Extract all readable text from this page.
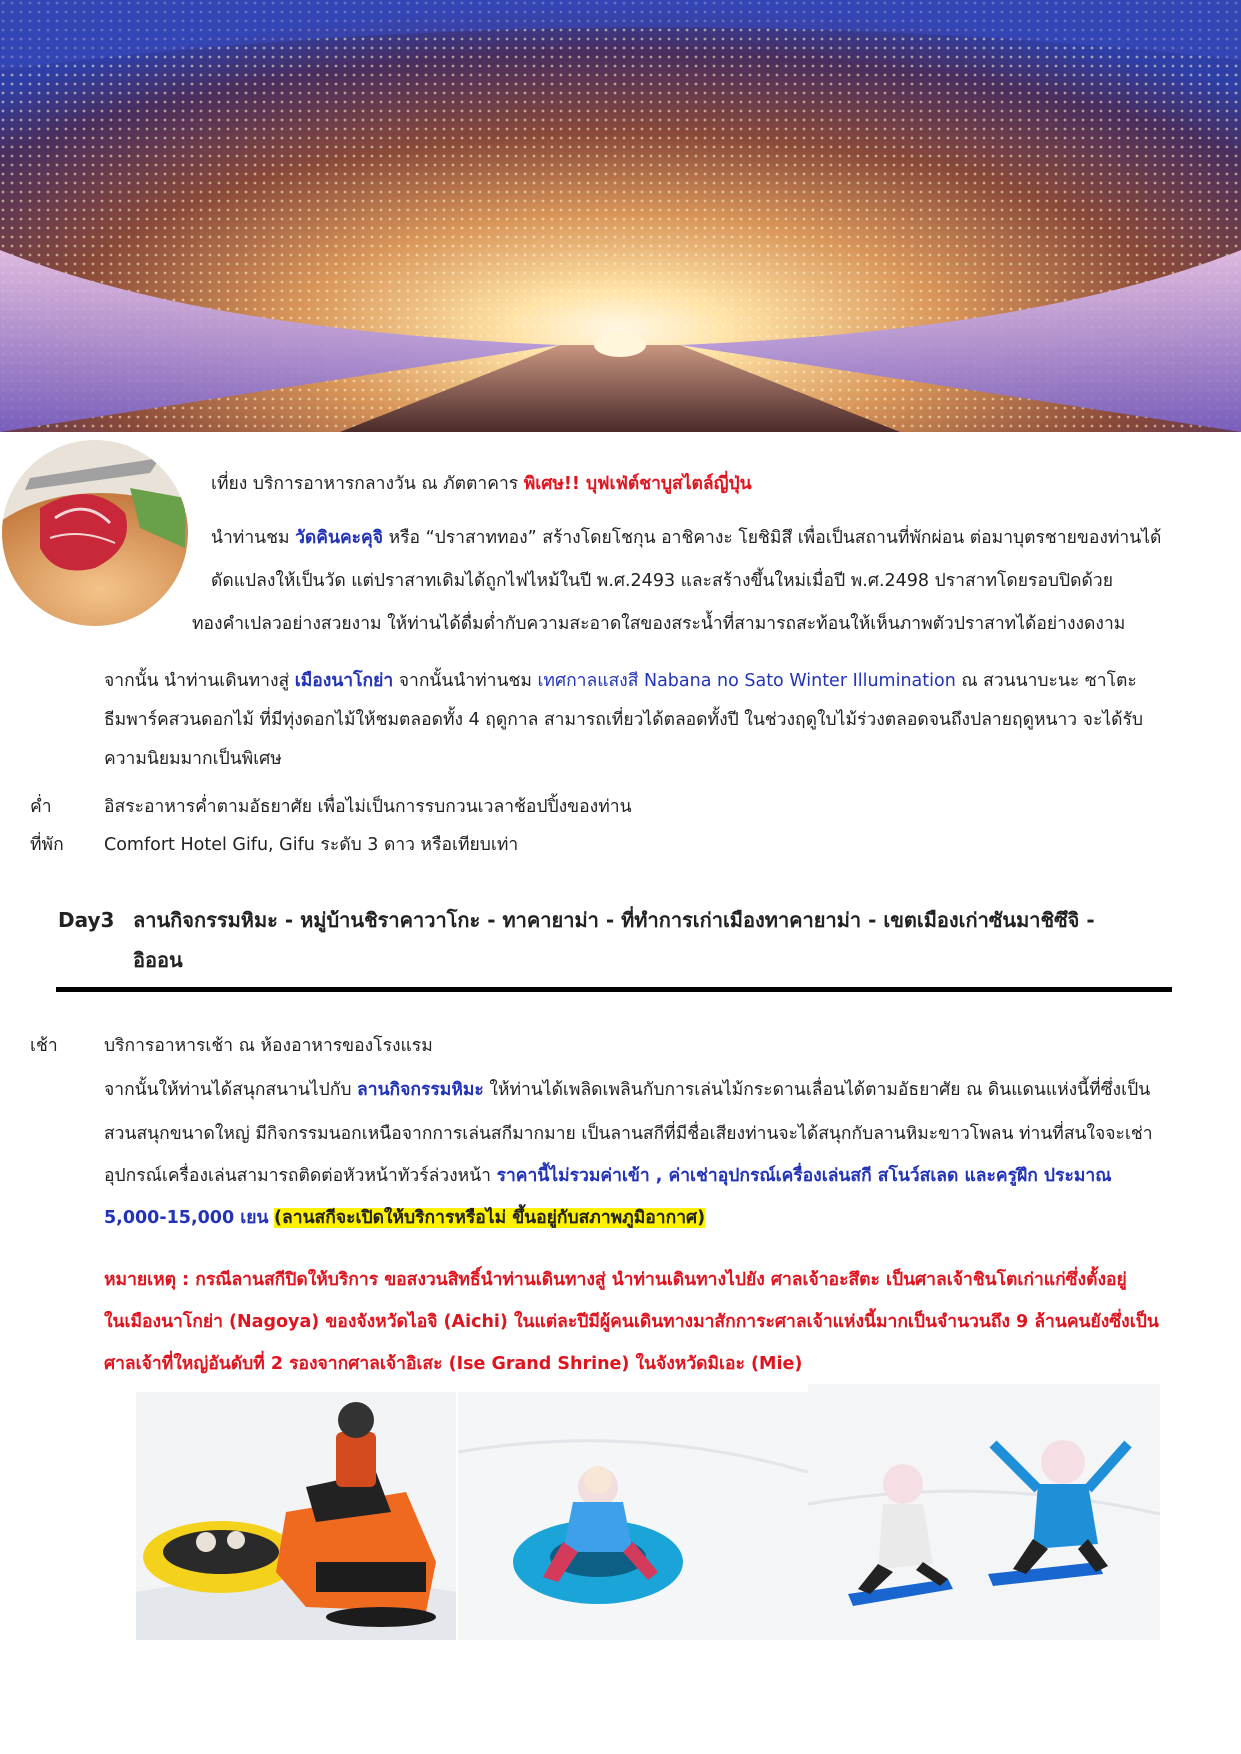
เที่ยง บริการอาหารกลางวัน ณ ภัตตาคาร พิเศษ!! บุฟเฟ่ต์ชาบูสไตล์ญี่ปุ่น
นำท่านชม วัดคินคะคุจิ หรือ “ปราสาททอง” สร้างโดยโชกุน อาชิคางะ โยชิมิสึ เพื่อเป็นสถานที่พักผ่อน ต่อมาบุตรชายของท่านได้
ดัดแปลงให้เป็นวัด แต่ปราสาทเดิมได้ถูกไฟไหม้ในปี พ.ศ.2493 และสร้างขึ้นใหม่เมื่อปี พ.ศ.2498 ปราสาทโดยรอบปิดด้วย
ทองคำเปลวอย่างสวยงาม ให้ท่านได้ดื่มด่ำกับความสะอาดใสของสระน้ำที่สามารถสะท้อนให้เห็นภาพตัวปราสาทได้อย่างงดงาม
จากนั้น นำท่านเดินทางสู่ เมืองนาโกย่า จากนั้นนำท่านชม เทศกาลแสงสี Nabana no Sato Winter Illumination ณ สวนนาบะนะ ซาโตะ
ธีมพาร์คสวนดอกไม้ ที่มีทุ่งดอกไม้ให้ชมตลอดทั้ง 4 ฤดูกาล สามารถเที่ยวได้ตลอดทั้งปี ในช่วงฤดูใบไม้ร่วงตลอดจนถึงปลายฤดูหนาว จะได้รับ
ความนิยมมากเป็นพิเศษ
ค่ำ	อิสระอาหารค่ำตามอัธยาศัย เพื่อไม่เป็นการรบกวนเวลาช้อปปิ้งของท่าน
ที่พัก Comfort Hotel Gifu, Gifu ระดับ 3 ดาว หรือเทียบเท่า
Day3 ลานกิจกรรมหิมะ - หมู่บ้านชิราคาวาโกะ - ทาคายาม่า - ที่ทำการเก่าเมืองทาคายาม่า - เขตเมืองเก่าซันมาชิซึจิ -
อิออน
เช้า	บริการอาหารเช้า ณ ห้องอาหารของโรงแรม
จากนั้นให้ท่านได้สนุกสนานไปกับ ลานกิจกรรมหิมะ ให้ท่านได้เพลิดเพลินกับการเล่นไม้กระดานเลื่อนได้ตามอัธยาศัย ณ ดินแดนแห่งนี้ที่ซึ่งเป็น
สวนสนุกขนาดใหญ่ มีกิจกรรมนอกเหนือจากการเล่นสกีมากมาย เป็นลานสกีที่มีชื่อเสียงท่านจะได้สนุกกับลานหิมะขาวโพลน ท่านที่สนใจจะเช่า
อุปกรณ์เครื่องเล่นสามารถติดต่อหัวหน้าทัวร์ล่วงหน้า ราคานี้ไม่รวมค่าเข้า , ค่าเช่าอุปกรณ์เครื่องเล่นสกี สโนว์สเลด และครูฝึก ประมาณ
5,000-15,000 เยน (ลานสกีจะเปิดให้บริการหรือไม่ ขึ้นอยู่กับสภาพภูมิอากาศ)
หมายเหตุ : กรณีลานสกีปิดให้บริการ ขอสงวนสิทธิ์นำท่านเดินทางสู่ นำท่านเดินทางไปยัง ศาลเจ้าอะสึตะ เป็นศาลเจ้าชินโตเก่าแก่ซึ่งตั้งอยู่
ในเมืองนาโกย่า (Nagoya) ของจังหวัดไอจิ (Aichi) ในแต่ละปีมีผู้คนเดินทางมาสักการะศาลเจ้าแห่งนี้มากเป็นจำนวนถึง 9 ล้านคนยังซึ่งเป็น
ศาลเจ้าที่ใหญ่อันดับที่ 2 รองจากศาลเจ้าอิเสะ (Ise Grand Shrine) ในจังหวัดมิเอะ (Mie)
